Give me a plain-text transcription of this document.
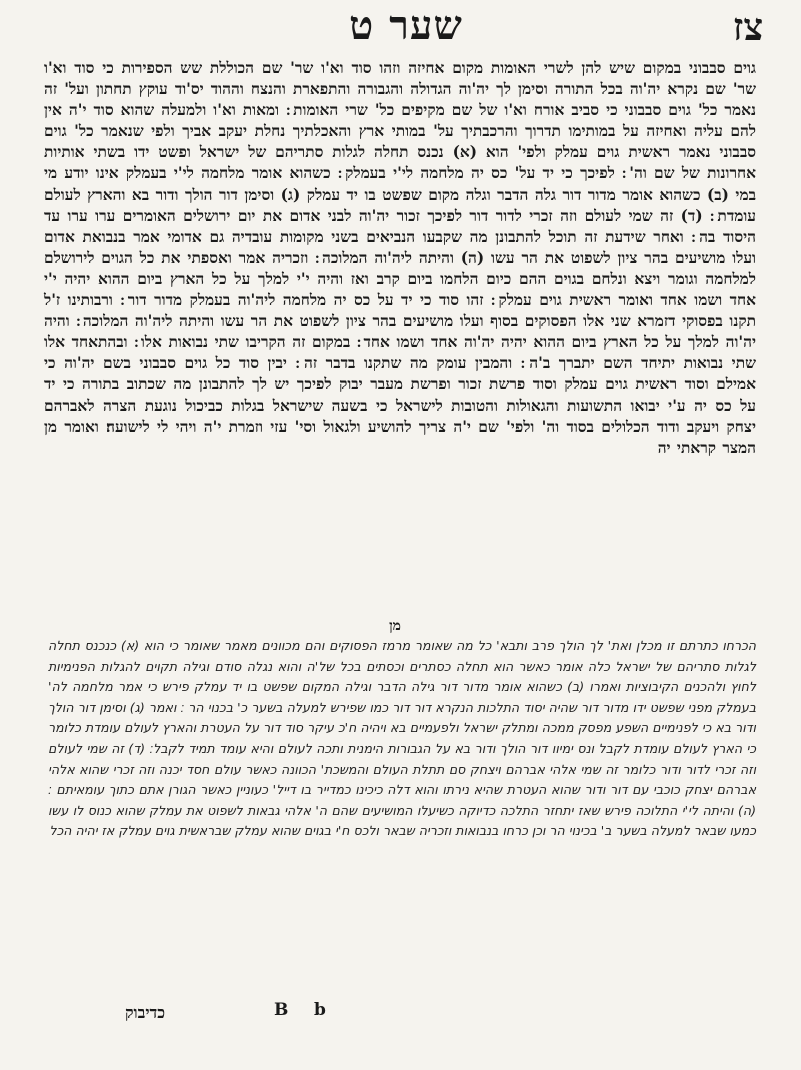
צז
שער ט

גוים סבבוני במקום שיש להן לשרי האומות מקום אחיזה וזהו סוד וא'ו שר' שם הכוללת שש הספירות כי סוד וא'ו שר' שם נקרא יה'וה בכל התורה וסימן לך יה'וה הגדולה והגבורה והתפארת והנצח וההוד יס'וד עוקץ תחתון ועל' זה נאמר כל' גוים סבבוני כי סביב אורח וא'ו של שם מקיפים כל' שרי האומות ׃ ומאות וא'ו ולמעלה שהוא סוד י'ה אין להם עליה ואחיזה על במותימו תדרוך והרכבתיך על' במותי ארץ והאכלתיך נחלת יעקב אביך ולפי שנאמר כל' גוים סבבוני נאמר ראשית גוים עמלק ולפי' הוא (א) נכנס תחלה לגלות סתריהם של ישראל ופשט ידו בשתי אותיות אחרונות של שם וה' ׃ לפיכך כי יד על' כס יה מלחמה לי'י בעמלק ׃ כשהוא אומר מלחמה לי'י בעמלק אינו יודע מי במי (ב) כשהוא אומר מדור דור גלה הדבר וגלה מקום שפשט בו יד עמלק (ג) וסימן דור הולך ודור בא והארץ לעולם עומדת ׃ (ד) זה שמי לעולם וזה זכרי לדור דור לפיכך זכור יה'וה לבני אדום את יום ירושלים האומרים ערו ערו עד היסוד בה ׃ ואחר שידעת זה תוכל להתבונן מה שקבעו הנביאים בשני מקומות עובדיה גם אדומי אמר בנבואת אדום ועלו מושיעים בהר ציון לשפוט את הר עשו (ה) והיתה ליה'וה המלוכה ׃ וזכריה אמר ואספתי את כל הגוים לירושלם למלחמה וגומר ויצא ונלחם בגוים ההם כיום הלחמו ביום קרב ואז והיה י'י למלך על כל הארץ ביום ההוא יהיה י'י אחד ושמו אחד ואומר ראשית גוים עמלק ׃ זהו סוד כי יד על כס יה מלחמה ליה'וה בעמלק מדור דור ׃ ורבותינו ז'ל תקנו בפסוקי דזמרא שני אלו הפסוקים בסוף ועלו מושיעים בהר ציון לשפוט את הר עשו והיתה ליה'וה המלוכה ׃ והיה יה'וה למלך על כל הארץ ביום ההוא יהיה יה'וה אחד ושמו אחד ׃ במקום זה הקריבו שתי נבואות אלו ׃ ובהתאחד אלו שתי נבואות יתיחד השם יתברך ב'ה ׃ והמבין עומק מה שתקנו בדבר זה ׃ יבין סוד כל גוים סבבוני בשם יה'וה כי אמילם וסוד ראשית גוים עמלק וסוד פרשת זכור ופרשת מעבר יבוק לפיכך יש לך להתבונן מה שכתוב בתורה כי יד על כס יה ע'י יבואו התשועות והגאולות והטובות לישראל כי בשעה שישראל בגלות כביכול נוגעת הצרה לאברהם יצחק ויעקב ודוד הכלולים בסוד וה' ולפי' שם י'ה צריך להושיע ולגאול וסי' עזי וזמרת י'ה ויהי לי לישועה׃ ואומר מן המצר קראתי יה

מן

הכרחו כתרתם זו מכלן ואת' לך הולך פרב ותבא' כל מה שאומר מרמז הפסוקים והם מכוונים מאמר שאומר כי הוא (א) כנכנס תחלה לגלות סתריהם של ישראל כלה אומר כאשר הוא תחלה כסתרים וכסתים בכל של'ה והוא נגלה סודם וגילה תקוים להגלות הפנימיות לחוץ ולהכנים הקיבוציות ואמרו (ב) כשהוא אומר מדור דור גילה הדבר וגילה המקום שפשט בו יד עמלק פירש כי אמר מלחמה לה' בעמלק מפני שפשט ידו מדור דור שהיה יסוד התלכות הנקרא דור דור כמו שפירש למעלה בשער כ' בכנוי הר ׃ ואמר (ג) וסימן דור הולך ודור בא כי לפנימיים השפע מפסק ממכה ומתלק ישראל ולפעמיים בא ויהיה ח'כ עיקר סוד דור על העטרת והארץ לעולם עומדת כלומר כי הארץ לעולם עומדת לקבל ונס ימיוו דור הולך ודור בא על הגבורות הימנית ותכה לעולם והיא עומד תמיד לקבל׃ (ד) זה שמי לעולם וזה זכרי לדור ודור כלומר זה שמי אלהי אברהם ויצחק סם תתלת העולם והמשכת' הכוונה כאשר עולם חסד יכנה וזה זכרי שהוא אלהי אברהם יצחק כוכבי עם דור ודור שהוא העטרת שהיא נירתו והוא דלה כיכינו כמדייר בו דייל' כעוניין כאשר הגורן אתם כתוך עומאיתם ׃ (ה) והיתה לי'י התלוכה פירש שאז יתחזר התלכה כדיוקה כשיעלו המושיעים שהם ה' אלהי גבאות לשפוט את עמלק שהוא כנוס לו עשו כמעו שבאר למעלה בשער ב' בכינוי הר וכן כרחו בנבואות וזכריה שבאר ולכס ח'י בגוים שהוא עמלק שבראשית גוים עמלק אז יהיה הכל

כדיבוק	B b
